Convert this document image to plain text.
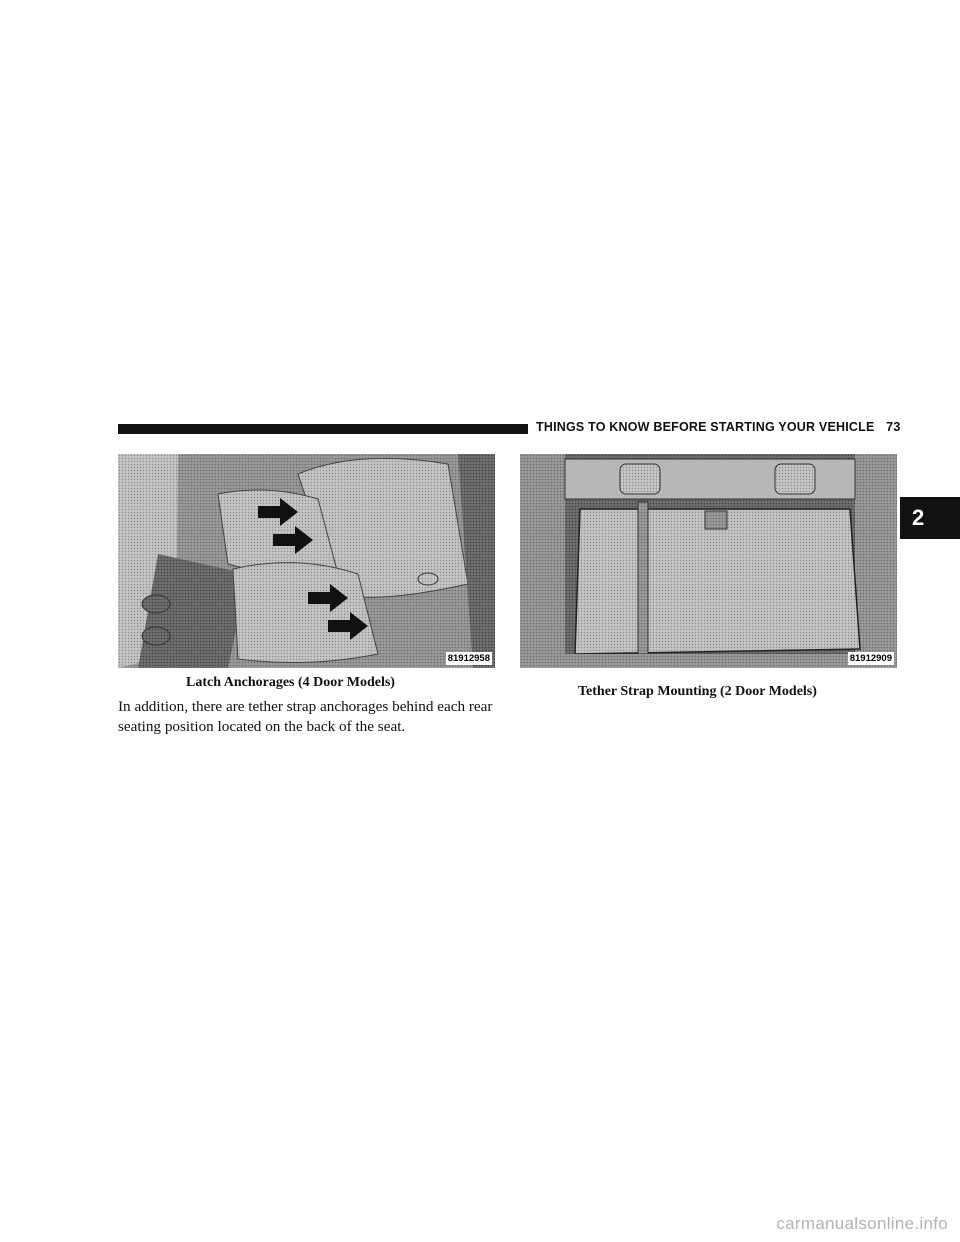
THINGS TO KNOW BEFORE STARTING YOUR VEHICLE 73
2
81912958
Latch Anchorages (4 Door Models)
In addition, there are tether strap anchorages behind each rear seating position located on the back of the seat.
81912909
Tether Strap Mounting (2 Door Models)
carmanualsonline.info
